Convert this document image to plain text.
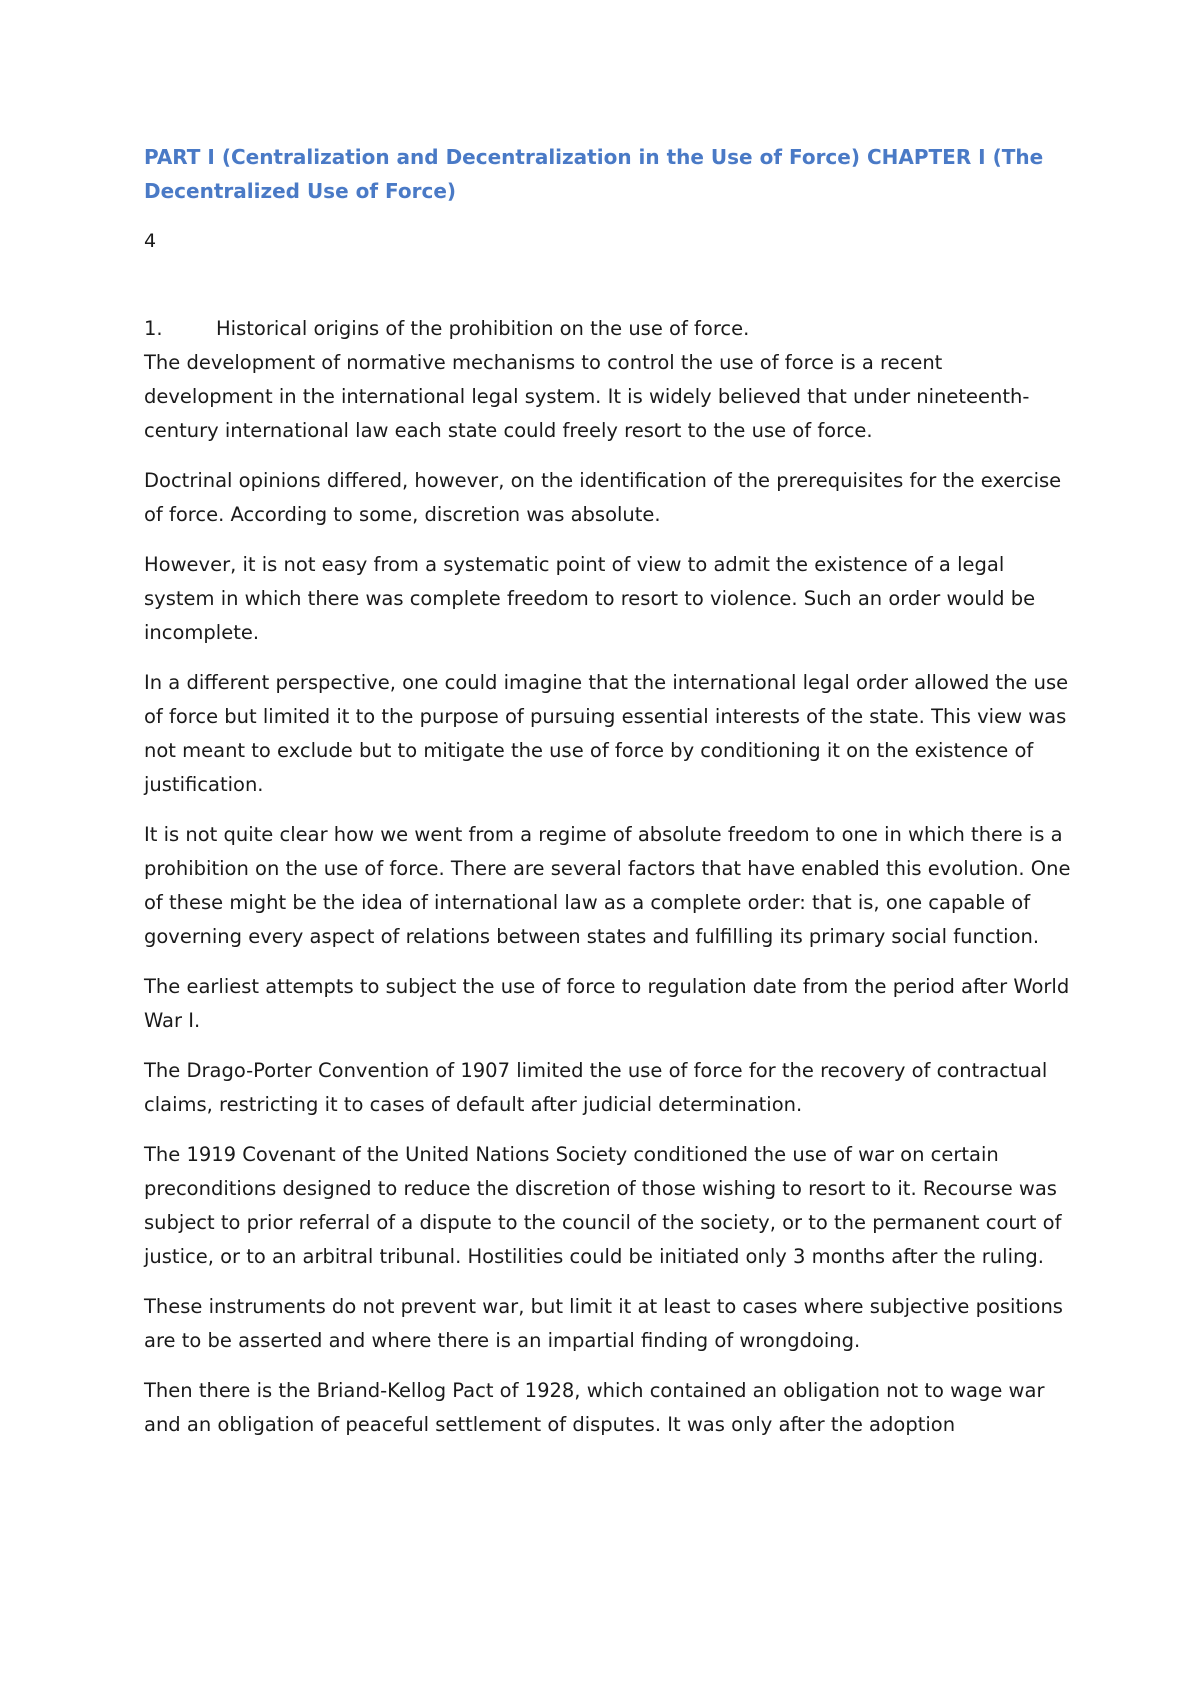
PART I (Centralization and Decentralization in the Use of Force) CHAPTER I (The Decentralized Use of Force)
4
1.	Historical origins of the prohibition on the use of force.

The development of normative mechanisms to control the use of force is a recent development in the international legal system. It is widely believed that under nineteenth-century international law each state could freely resort to the use of force.

Doctrinal opinions differed, however, on the identification of the prerequisites for the exercise of force. According to some, discretion was absolute.

However, it is not easy from a systematic point of view to admit the existence of a legal system in which there was complete freedom to resort to violence. Such an order would be incomplete.

In a different perspective, one could imagine that the international legal order allowed the use of force but limited it to the purpose of pursuing essential interests of the state. This view was not meant to exclude but to mitigate the use of force by conditioning it on the existence of justification.

It is not quite clear how we went from a regime of absolute freedom to one in which there is a prohibition on the use of force. There are several factors that have enabled this evolution. One of these might be the idea of international law as a complete order: that is, one capable of governing every aspect of relations between states and fulfilling its primary social function.

The earliest attempts to subject the use of force to regulation date from the period after World War I.

The Drago-Porter Convention of 1907 limited the use of force for the recovery of contractual claims, restricting it to cases of default after judicial determination.

The 1919 Covenant of the United Nations Society conditioned the use of war on certain preconditions designed to reduce the discretion of those wishing to resort to it. Recourse was subject to prior referral of a dispute to the council of the society, or to the permanent court of justice, or to an arbitral tribunal. Hostilities could be initiated only 3 months after the ruling.

These instruments do not prevent war, but limit it at least to cases where subjective positions are to be asserted and where there is an impartial finding of wrongdoing.

Then there is the Briand-Kellog Pact of 1928, which contained an obligation not to wage war and an obligation of peaceful settlement of disputes. It was only after the adoption
